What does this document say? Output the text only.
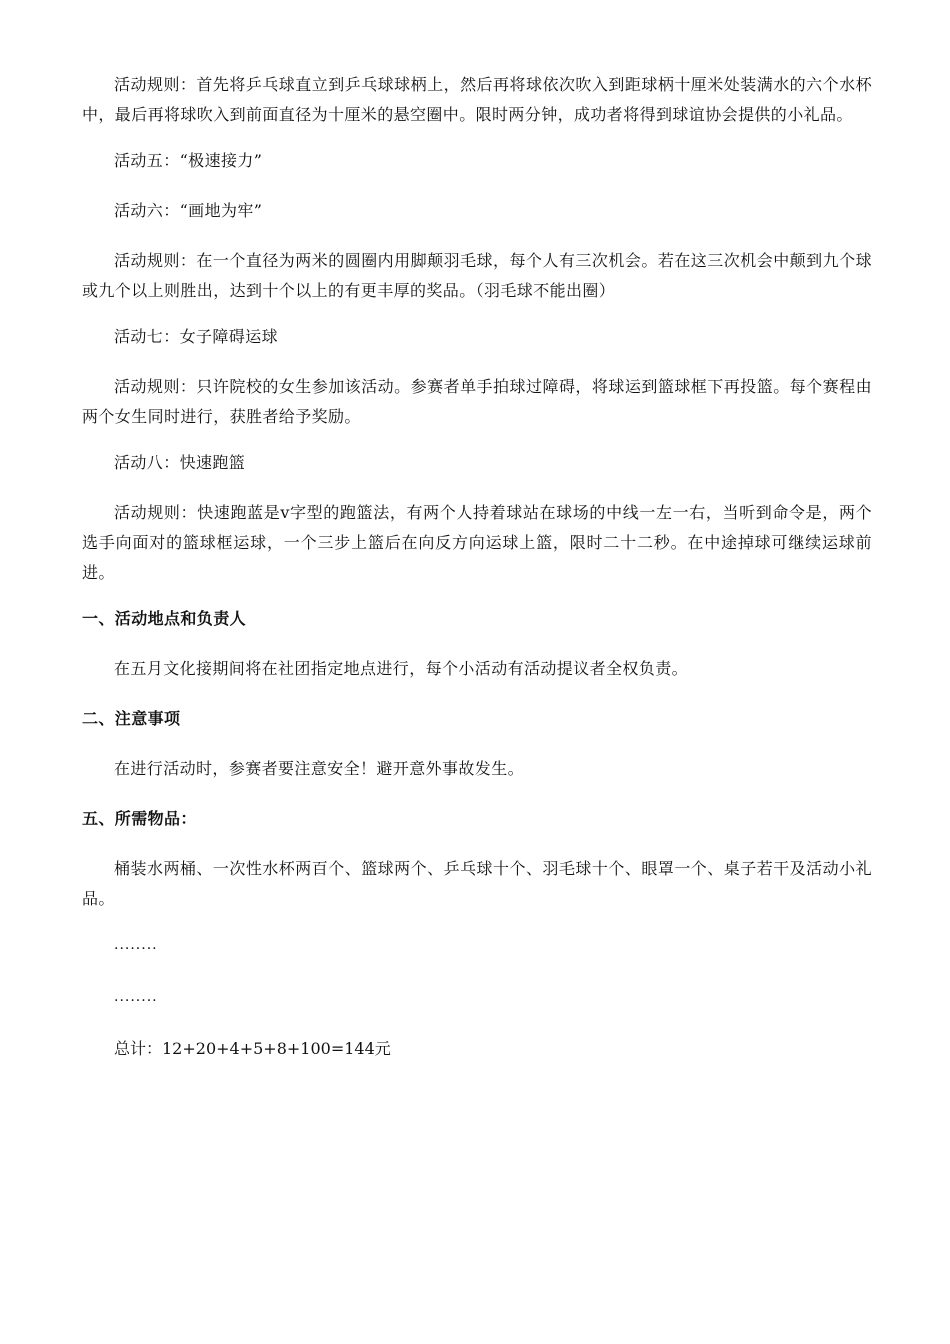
活动规则：首先将乒乓球直立到乒乓球球柄上，然后再将球依次吹入到距球柄十厘米处装满水的六个水杯中，最后再将球吹入到前面直径为十厘米的悬空圈中。限时两分钟，成功者将得到球谊协会提供的小礼品。

活动五：“极速接力”

活动六：“画地为牢”

活动规则：在一个直径为两米的圆圈内用脚颠羽毛球，每个人有三次机会。若在这三次机会中颠到九个球或九个以上则胜出，达到十个以上的有更丰厚的奖品。（羽毛球不能出圈）

活动七：女子障碍运球

活动规则：只许院校的女生参加该活动。参赛者单手拍球过障碍，将球运到篮球框下再投篮。每个赛程由两个女生同时进行，获胜者给予奖励。

活动八：快速跑篮

活动规则：快速跑蓝是v字型的跑篮法，有两个人持着球站在球场的中线一左一右，当听到命令是，两个选手向面对的篮球框运球，一个三步上篮后在向反方向运球上篮，限时二十二秒。在中途掉球可继续运球前进。

一、活动地点和负责人

在五月文化接期间将在社团指定地点进行，每个小活动有活动提议者全权负责。

二、注意事项

在进行活动时，参赛者要注意安全！避开意外事故发生。

五、所需物品：

桶装水两桶、一次性水杯两百个、篮球两个、乒乓球十个、羽毛球十个、眼罩一个、桌子若干及活动小礼品。

........
........

总计：12+20+4+5+8+100=144元
